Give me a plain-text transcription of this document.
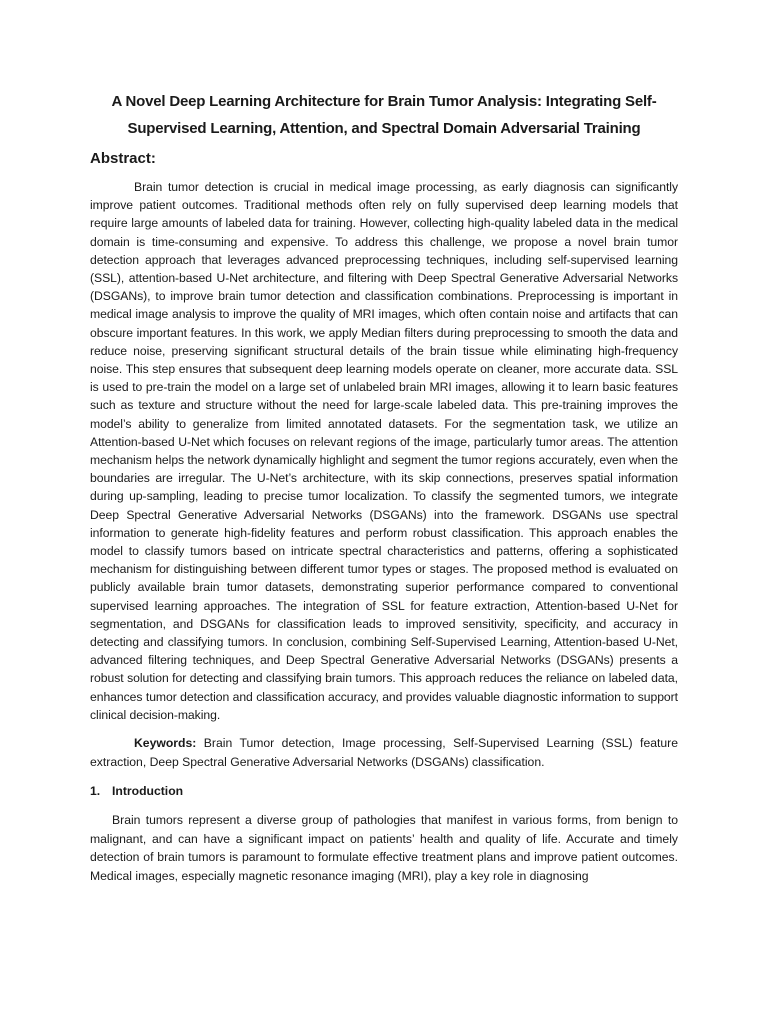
A Novel Deep Learning Architecture for Brain Tumor Analysis: Integrating Self-Supervised Learning, Attention, and Spectral Domain Adversarial Training
Abstract:

Brain tumor detection is crucial in medical image processing, as early diagnosis can significantly improve patient outcomes. Traditional methods often rely on fully supervised deep learning models that require large amounts of labeled data for training. However, collecting high-quality labeled data in the medical domain is time-consuming and expensive. To address this challenge, we propose a novel brain tumor detection approach that leverages advanced preprocessing techniques, including self-supervised learning (SSL), attention-based U-Net architecture, and filtering with Deep Spectral Generative Adversarial Networks (DSGANs), to improve brain tumor detection and classification combinations. Preprocessing is important in medical image analysis to improve the quality of MRI images, which often contain noise and artifacts that can obscure important features. In this work, we apply Median filters during preprocessing to smooth the data and reduce noise, preserving significant structural details of the brain tissue while eliminating high-frequency noise. This step ensures that subsequent deep learning models operate on cleaner, more accurate data. SSL is used to pre-train the model on a large set of unlabeled brain MRI images, allowing it to learn basic features such as texture and structure without the need for large-scale labeled data. This pre-training improves the model’s ability to generalize from limited annotated datasets. For the segmentation task, we utilize an Attention-based U-Net which focuses on relevant regions of the image, particularly tumor areas. The attention mechanism helps the network dynamically highlight and segment the tumor regions accurately, even when the boundaries are irregular. The U-Net’s architecture, with its skip connections, preserves spatial information during up-sampling, leading to precise tumor localization. To classify the segmented tumors, we integrate Deep Spectral Generative Adversarial Networks (DSGANs) into the framework. DSGANs use spectral information to generate high-fidelity features and perform robust classification. This approach enables the model to classify tumors based on intricate spectral characteristics and patterns, offering a sophisticated mechanism for distinguishing between different tumor types or stages. The proposed method is evaluated on publicly available brain tumor datasets, demonstrating superior performance compared to conventional supervised learning approaches. The integration of SSL for feature extraction, Attention-based U-Net for segmentation, and DSGANs for classification leads to improved sensitivity, specificity, and accuracy in detecting and classifying tumors. In conclusion, combining Self-Supervised Learning, Attention-based U-Net, advanced filtering techniques, and Deep Spectral Generative Adversarial Networks (DSGANs) presents a robust solution for detecting and classifying brain tumors. This approach reduces the reliance on labeled data, enhances tumor detection and classification accuracy, and provides valuable diagnostic information to support clinical decision-making.

Keywords: Brain Tumor detection, Image processing, Self-Supervised Learning (SSL) feature extraction, Deep Spectral Generative Adversarial Networks (DSGANs) classification.

1. Introduction

Brain tumors represent a diverse group of pathologies that manifest in various forms, from benign to malignant, and can have a significant impact on patients’ health and quality of life. Accurate and timely detection of brain tumors is paramount to formulate effective treatment plans and improve patient outcomes. Medical images, especially magnetic resonance imaging (MRI), play a key role in diagnosing
